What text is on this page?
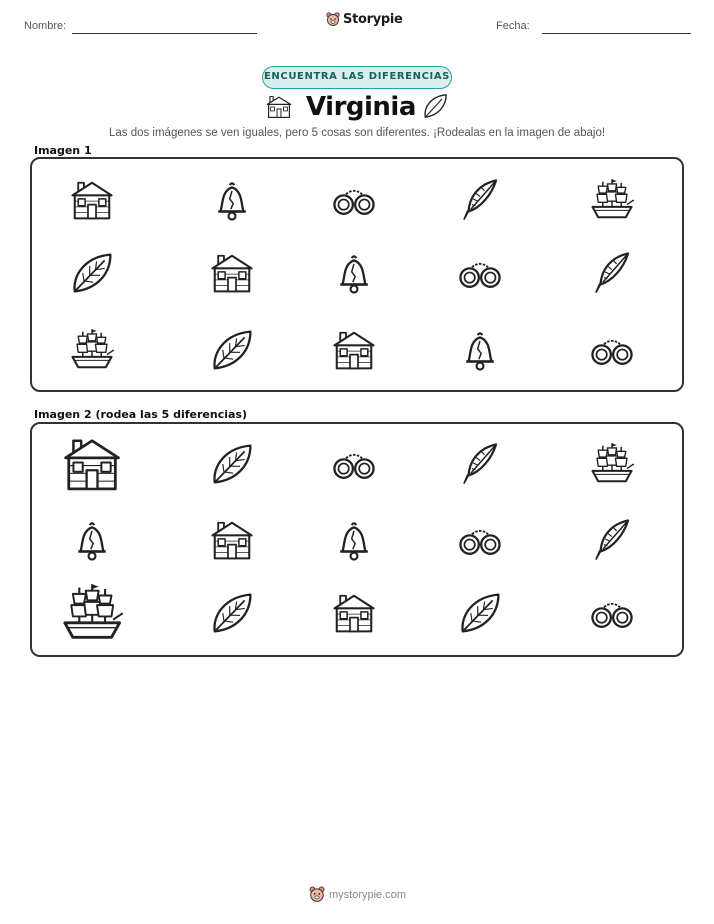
Nombre:	Storypie	Fecha:
ENCUENTRA LAS DIFERENCIAS
Virginia
Las dos imágenes se ven iguales, pero 5 cosas son diferentes. ¡Rodealas en la imagen de abajo!
Imagen 1
Imagen 2 (rodea las 5 diferencias)
mystorypie.com
